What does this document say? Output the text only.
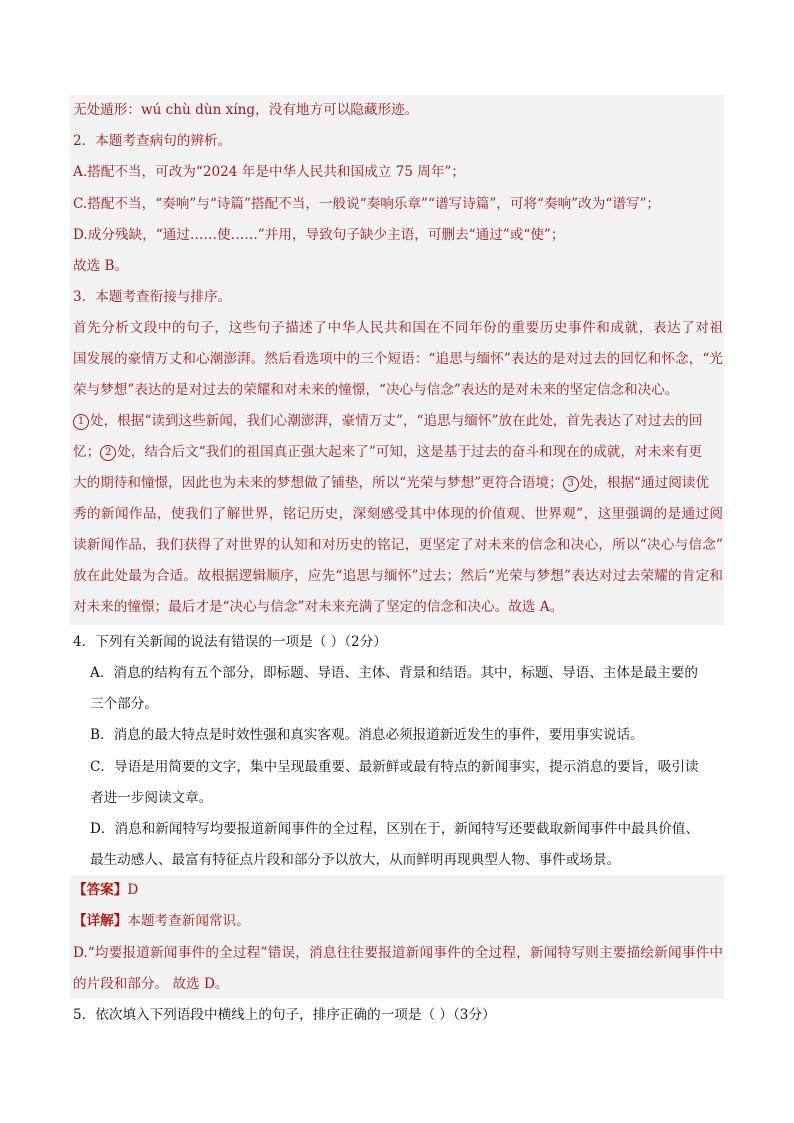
无处遁形：wú chù dùn xíng，没有地方可以隐藏形迹。
2．本题考查病句的辨析。
A.搭配不当，可改为“2024 年是中华人民共和国成立 75 周年”；
C.搭配不当，“奏响”与“诗篇”搭配不当，一般说“奏响乐章”“谱写诗篇”，可将“奏响”改为“谱写”；
D.成分残缺，“通过……使……”并用，导致句子缺少主语，可删去“通过”或“使”；
故选 B。
3．本题考查衔接与排序。
首先分析文段中的句子，这些句子描述了中华人民共和国在不同年份的重要历史事件和成就，表达了对祖
国发展的豪情万丈和心潮澎湃。然后看选项中的三个短语：“追思与缅怀”表达的是对过去的回忆和怀念，“光
荣与梦想”表达的是对过去的荣耀和对未来的憧憬，“决心与信念”表达的是对未来的坚定信念和决心。
1 处，根据“读到这些新闻，我们心潮澎湃，豪情万丈”，“追思与缅怀”放在此处，首先表达了对过去的回
忆； 2 处，结合后文“我们的祖国真正强大起来了”可知，这是基于过去的奋斗和现在的成就，对未来有更
大的期待和憧憬，因此也为未来的梦想做了铺垫，所以“光荣与梦想”更符合语境； 3 处，根据“通过阅读优
秀的新闻作品，使我们了解世界，铭记历史，深刻感受其中体现的价值观、世界观”，这里强调的是通过阅
读新闻作品，我们获得了对世界的认知和对历史的铭记，更坚定了对未来的信念和决心，所以“决心与信念”
放在此处最为合适。故根据逻辑顺序，应先“追思与缅怀”过去；然后“光荣与梦想”表达对过去荣耀的肯定和
对未来的憧憬；最后才是“决心与信念”对未来充满了坚定的信念和决心。故选 A。
4．下列有关新闻的说法有错误的一项是（ ）（2分）
A．消息的结构有五个部分，即标题、导语、主体、背景和结语。其中，标题、导语、主体是最主要的
三个部分。
B．消息的最大特点是时效性强和真实客观。消息必须报道新近发生的事件，要用事实说话。
C．导语是用简要的文字，集中呈现最重要、最新鲜或最有特点的新闻事实，提示消息的要旨，吸引读
者进一步阅读文章。
D．消息和新闻特写均要报道新闻事件的全过程，区别在于，新闻特写还要截取新闻事件中最具价值、
最生动感人、最富有特征点片段和部分予以放大，从而鲜明再现典型人物、事件或场景。
【答案】D
【详解】本题考查新闻常识。
D.“均要报道新闻事件的全过程”错误，消息往往要报道新闻事件的全过程，新闻特写则主要描绘新闻事件中
的片段和部分。 故选 D。
5．依次填入下列语段中横线上的句子，排序正确的一项是（ ）（3分）
